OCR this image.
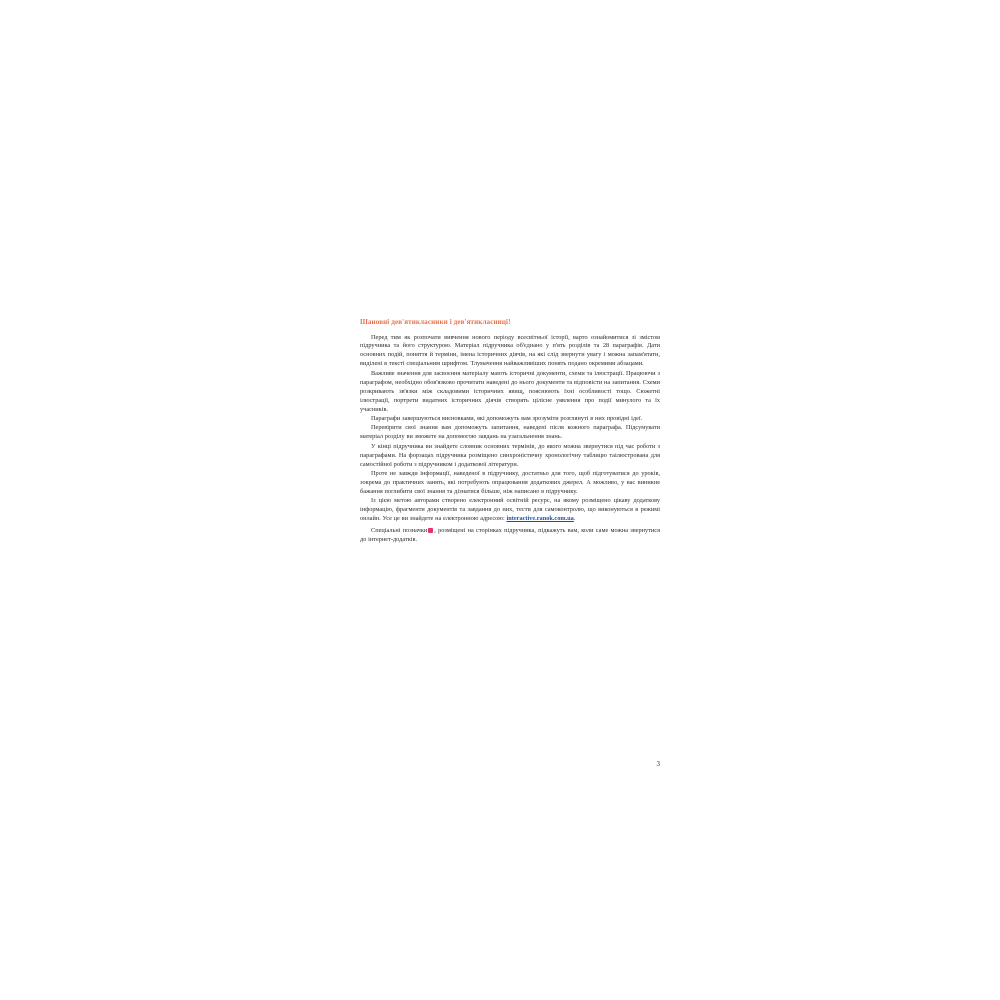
Шановні дев'ятикласники і дев'ятикласниці!

Перед тим як розпочати вивчення нового періоду всесвітньої історії, варто ознайомитися зі змістом підручника та його структурою. Матеріал підручника об'єднано у п'ять розділів та 28 параграфів. Дати основних подій, поняття й терміни, імена історичних діячів, на які слід звернути увагу і можна запам'ятати, виділені в тексті спеціальним шрифтом. Тлумачення найважливіших понять подано окремими абзацами.

Важливе значення для засвоєння матеріалу мають історичні документи, схеми та ілюстрації. Працюючи з параграфом, необхідно обов'язково прочитати наведені до нього документи та відповісти на запитання. Схеми розкривають зв'язки між складовими історичних явищ, пояснюють їхні особливості тощо. Сюжетні ілюстрації, портрети видатних історичних діячів створять цілісне уявлення про події минулого та їх учасників.

Параграфи завершуються висновками, які допоможуть вам зрозуміти розглянуті в них провідні ідеї.

Перевірити свої знання вам допоможуть запитання, наведені після кожного параграфа. Підсумувати матеріал розділу ви зможете на допомогою завдань на узагальнення знань.

У кінці підручника ви знайдете словник основних термінів, до якого можна звернутися під час роботи з параграфами. На форзацах підручника розміщено синхроністичну хронологічну таблицю таілюстрована для самостійної роботи з підручником і додаткової літератури.

Проте не завжди інформації, наведеної в підручнику, достатньо для того, щоб підготуватися до уроків, зокрема до практичних занять, які потребують опрацювання додаткових джерел. А можливо, у вас виникне бажання поглибити свої знання та дізнатися більше, ніж написано в підручнику.

Із цією метою авторами створено електронний освітній ресурс, на якому розміщено цікаву додаткову інформацію, фрагменти документів та завдання до них, тести для самоконтролю, що виконуються в режимі онлайн. Усе це ви знайдете на електронною адресою: interactive.ranok.com.ua.

Спеціальні позначки , розміщені на сторінках підручника, підкажуть вам, коли саме можна звернутися до інтернет-додатків.

3
